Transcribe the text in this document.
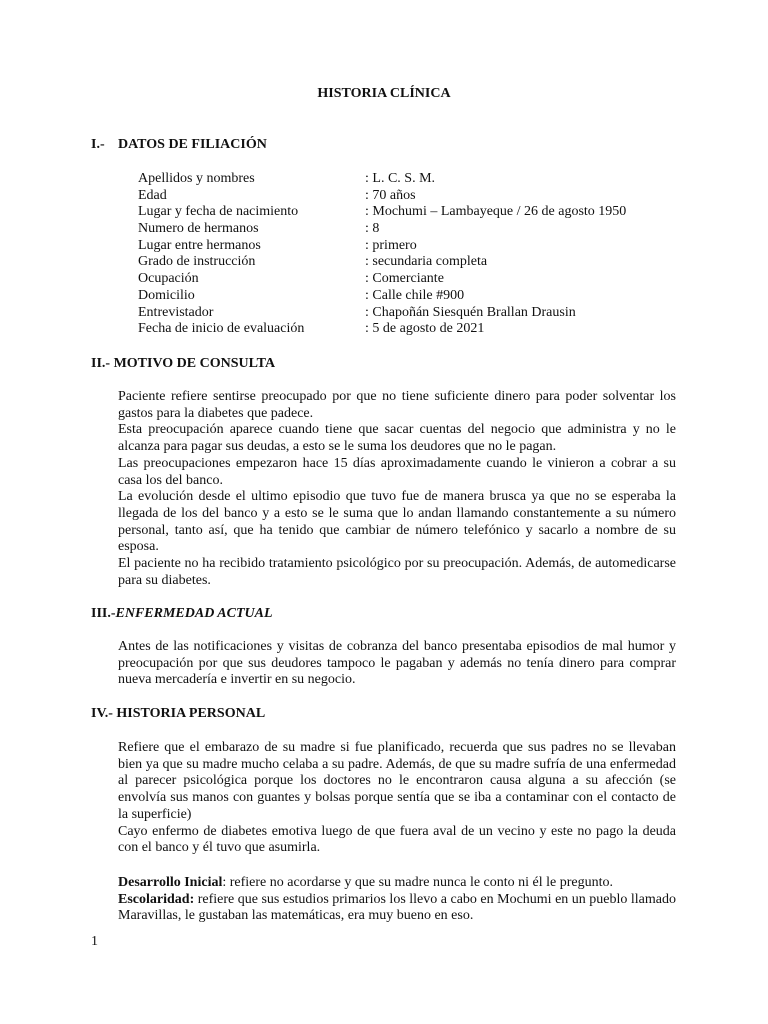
HISTORIA CLÍNICA
I.- DATOS DE FILIACIÓN
Apellidos y nombres	: L. C. S. M.
Edad	: 70 años
Lugar y fecha de nacimiento	: Mochumi – Lambayeque / 26 de agosto 1950
Numero de hermanos	: 8
Lugar entre hermanos	: primero
Grado de instrucción	: secundaria completa
Ocupación	: Comerciante
Domicilio	: Calle chile #900
Entrevistador	: Chapoñán Siesquén Brallan Drausin
Fecha de inicio de evaluación	: 5 de agosto de 2021
II.- MOTIVO DE CONSULTA

Paciente refiere sentirse preocupado por que no tiene suficiente dinero para poder solventar los gastos para la diabetes que padece.

Esta preocupación aparece cuando tiene que sacar cuentas del negocio que administra y no le alcanza para pagar sus deudas, a esto se le suma los deudores que no le pagan.

Las preocupaciones empezaron hace 15 días aproximadamente cuando le vinieron a cobrar a su casa los del banco.

La evolución desde el ultimo episodio que tuvo fue de manera brusca ya que no se esperaba la llegada de los del banco y a esto se le suma que lo andan llamando constantemente a su número personal, tanto así, que ha tenido que cambiar de número telefónico y sacarlo a nombre de su esposa.

El paciente no ha recibido tratamiento psicológico por su preocupación. Además, de automedicarse para su diabetes.

III.-ENFERMEDAD ACTUAL

Antes de las notificaciones y visitas de cobranza del banco presentaba episodios de mal humor y preocupación por que sus deudores tampoco le pagaban y además no tenía dinero para comprar nueva mercadería e invertir en su negocio.

IV.- HISTORIA PERSONAL

Refiere que el embarazo de su madre si fue planificado, recuerda que sus padres no se llevaban bien ya que su madre mucho celaba a su padre. Además, de que su madre sufría de una enfermedad al parecer psicológica porque los doctores no le encontraron causa alguna a su afección (se envolvía sus manos con guantes y bolsas porque sentía que se iba a contaminar con el contacto de la superficie)

Cayo enfermo de diabetes emotiva luego de que fuera aval de un vecino y este no pago la deuda con el banco y él tuvo que asumirla.

Desarrollo Inicial: refiere no acordarse y que su madre nunca le conto ni él le pregunto.

Escolaridad: refiere que sus estudios primarios los llevo a cabo en Mochumi en un pueblo llamado Maravillas, le gustaban las matemáticas, era muy bueno en eso.

1
